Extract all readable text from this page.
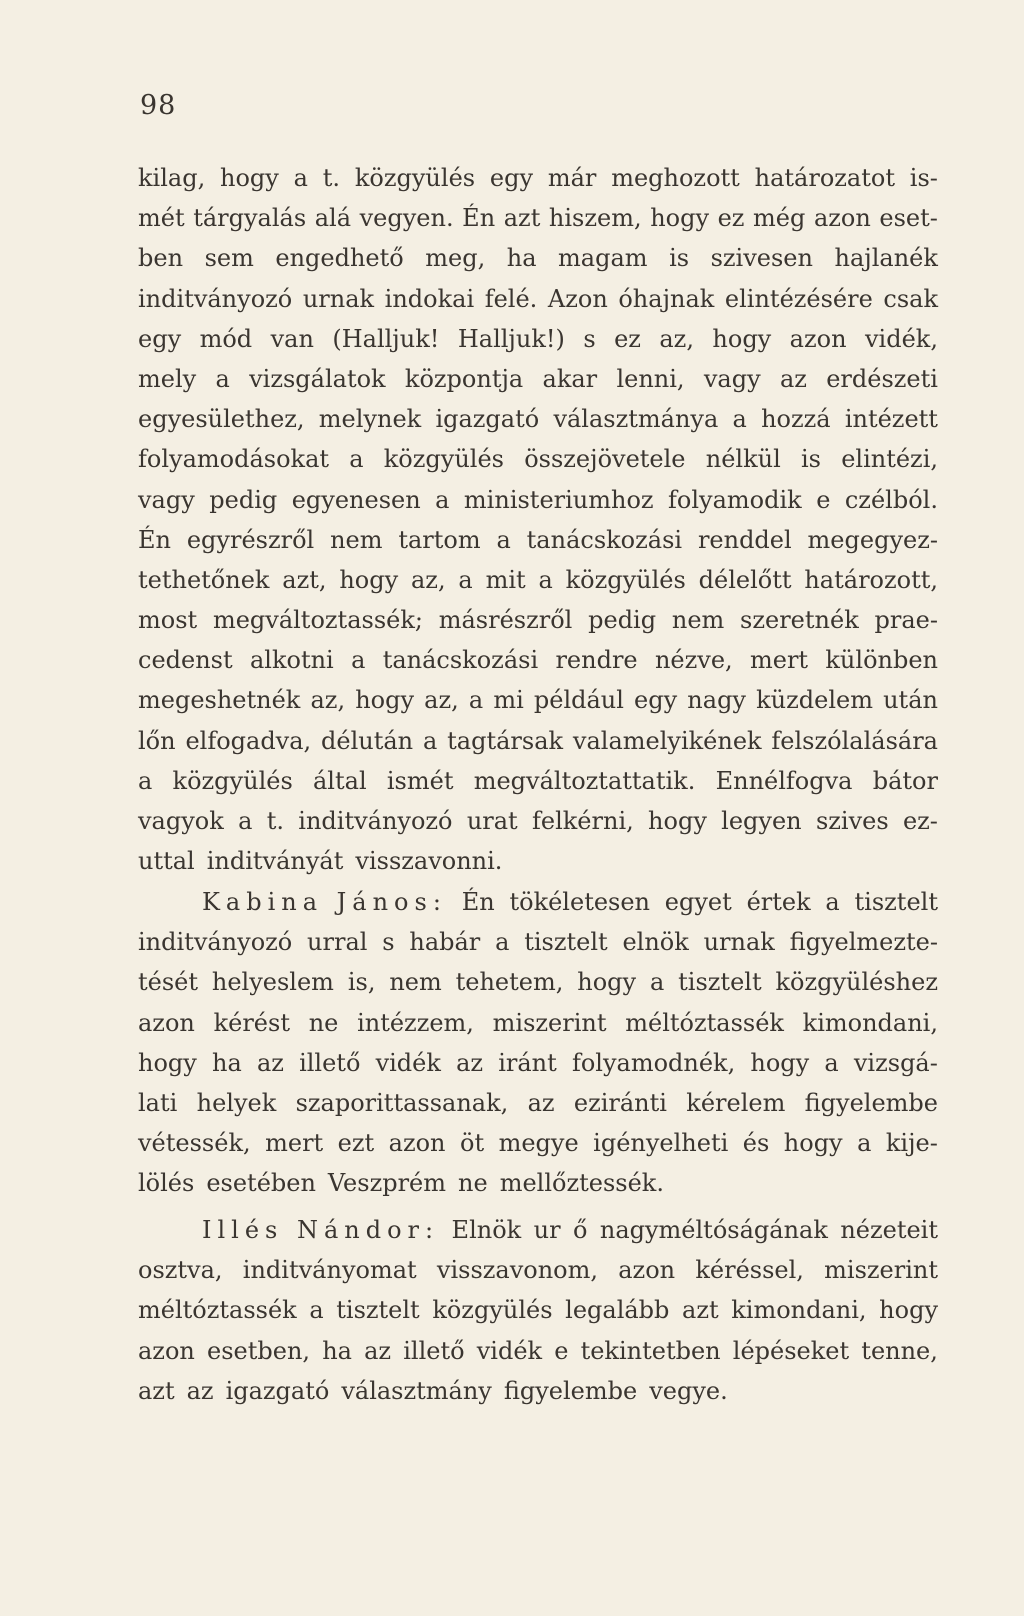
98
kilag, hogy a t. közgyülés egy már meghozott határozatot is-
mét tárgyalás alá vegyen. Én azt hiszem, hogy ez még azon eset-
ben sem engedhető meg, ha magam is szivesen hajlanék
inditványozó urnak indokai felé. Azon óhajnak elintézésére csak
egy mód van (Halljuk! Halljuk!) s ez az, hogy azon vidék,
mely a vizsgálatok központja akar lenni, vagy az erdészeti
egyesülethez, melynek igazgató választmánya a hozzá intézett
folyamodásokat a közgyülés összejövetele nélkül is elintézi,
vagy pedig egyenesen a ministeriumhoz folyamodik e czélból.
Én egyrészről nem tartom a tanácskozási renddel megegyez-
tethetőnek azt, hogy az, a mit a közgyülés délelőtt határozott,
most megváltoztassék; másrészről pedig nem szeretnék prae-
cedenst alkotni a tanácskozási rendre nézve, mert különben
megeshetnék az, hogy az, a mi például egy nagy küzdelem után
lőn elfogadva, délután a tagtársak valamelyikének felszólalására
a közgyülés által ismét megváltoztattatik. Ennélfogva bátor
vagyok a t. inditványozó urat felkérni, hogy legyen szives ez-
uttal inditványát visszavonni.
Kabina János: Én tökéletesen egyet értek a tisztelt
inditványozó urral s habár a tisztelt elnök urnak figyelmezte-
tését helyeslem is, nem tehetem, hogy a tisztelt közgyüléshez
azon kérést ne intézzem, miszerint méltóztassék kimondani,
hogy ha az illető vidék az iránt folyamodnék, hogy a vizsgá-
lati helyek szaporittassanak, az eziránti kérelem figyelembe
vétessék, mert ezt azon öt megye igényelheti és hogy a kije-
lölés esetében Veszprém ne mellőztessék.
Illés Nándor: Elnök ur ő nagyméltóságának nézeteit
osztva, inditványomat visszavonom, azon kéréssel, miszerint
méltóztassék a tisztelt közgyülés legalább azt kimondani, hogy
azon esetben, ha az illető vidék e tekintetben lépéseket tenne,
azt az igazgató választmány figyelembe vegye.
